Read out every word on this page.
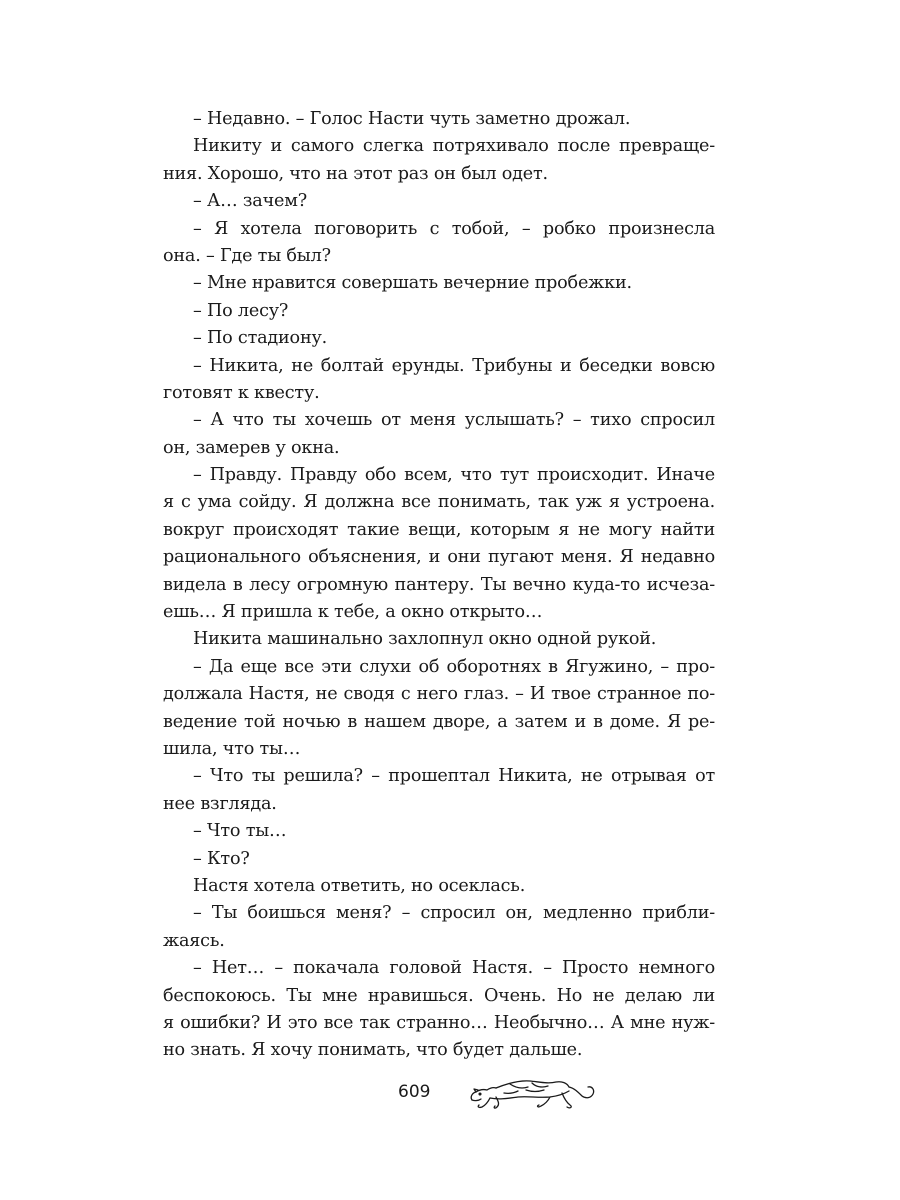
– Недавно. – Голос Насти чуть заметно дрожал.
Никиту и самого слегка потряхивало после превраще-
ния. Хорошо, что на этот раз он был одет.
– А… зачем?
– Я хотела поговорить с тобой, – робко произнесла
она. – Где ты был?
– Мне нравится совершать вечерние пробежки.
– По лесу?
– По стадиону.
– Никита, не болтай ерунды. Трибуны и беседки вовсю
готовят к квесту.
– А что ты хочешь от меня услышать? – тихо спросил
он, замерев у окна.
– Правду. Правду обо всем, что тут происходит. Иначе
я с ума сойду. Я должна все понимать, так уж я устроена.
вокруг происходят такие вещи, которым я не могу найти
рационального объяснения, и они пугают меня. Я недавно
видела в лесу огромную пантеру. Ты вечно куда-то исчеза-
ешь… Я пришла к тебе, а окно открыто…
Никита машинально захлопнул окно одной рукой.
– Да еще все эти слухи об оборотнях в Ягужино, – про-
должала Настя, не сводя с него глаз. – И твое странное по-
ведение той ночью в нашем дворе, а затем и в доме. Я ре-
шила, что ты…
– Что ты решила? – прошептал Никита, не отрывая от
нее взгляда.
– Что ты…
– Кто?
Настя хотела ответить, но осеклась.
– Ты боишься меня? – спросил он, медленно прибли-
жаясь.
– Нет… – покачала головой Настя. – Просто немного
беспокоюсь. Ты мне нравишься. Очень. Но не делаю ли
я ошибки? И это все так странно… Необычно… А мне нуж-
но знать. Я хочу понимать, что будет дальше.
609
